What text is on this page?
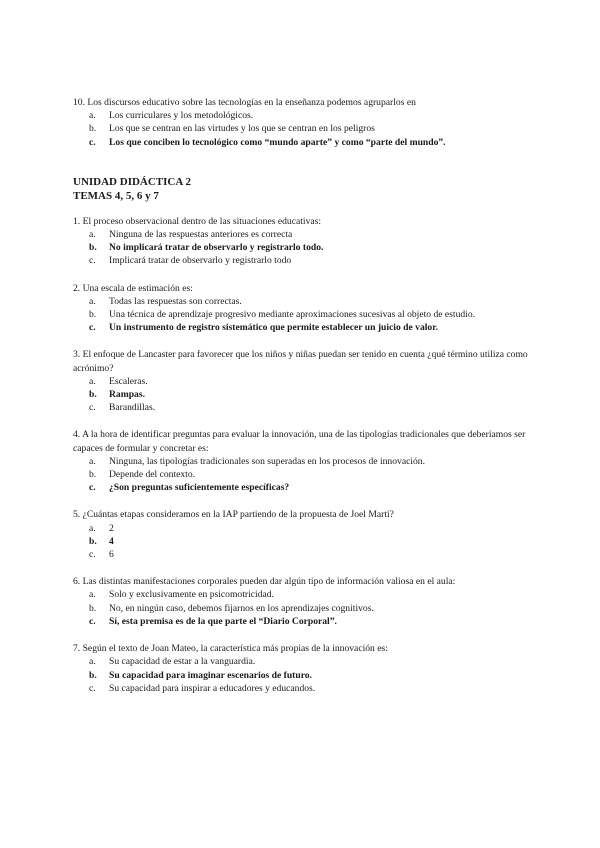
10. Los discursos educativo sobre las tecnologías en la enseñanza podemos agruparlos en

a.	Los curriculares y los metodológicos.
b.	Los que se centran en las virtudes y los que se centran en los peligros
c.	Los que conciben lo tecnológico como “mundo aparte” y como “parte del mundo”.

UNIDAD DIDÁCTICA 2

TEMAS 4, 5, 6 y 7

1. El proceso observacional dentro de las situaciones educativas:

a.	Ninguna de las respuestas anteriores es correcta
b.	No implicará tratar de observarlo y registrarlo todo.
c.	Implicará tratar de observarlo y registrarlo todo

2. Una escala de estimación es:

a.	Todas las respuestas son correctas.
b.	Una técnica de aprendizaje progresivo mediante aproximaciones sucesivas al objeto de estudio.
c.	Un instrumento de registro sistemático que permite establecer un juicio de valor.

3. El enfoque de Lancaster para favorecer que los niños y niñas puedan ser tenido en cuenta ¿qué término utiliza como acrónimo?

a.	Escaleras.
b.	Rampas.
c.	Barandillas.

4. A la hora de identificar preguntas para evaluar la innovación, una de las tipologías tradicionales que deberíamos ser capaces de formular y concretar es:

a.	Ninguna, las tipologías tradicionales son superadas en los procesos de innovación.
b.	Depende del contexto.
c.	¿Son preguntas suficientemente específicas?

5. ¿Cuántas etapas consideramos en la IAP partiendo de la propuesta de Joel Martí?

a.	2
b.	4
c.	6

6. Las distintas manifestaciones corporales pueden dar algún tipo de información valiosa en el aula:

a.	Solo y exclusivamente en psicomotricidad.
b.	No, en ningún caso, debemos fijarnos en los aprendizajes cognitivos.
c.	Sí, esta premisa es de la que parte el “Diario Corporal”.

7. Según el texto de Joan Mateo, la característica más propias de la innovación es:

a.	Su capacidad de estar a la vanguardia.
b.	Su capacidad para imaginar escenarios de futuro.
c.	Su capacidad para inspirar a educadores y educandos.
